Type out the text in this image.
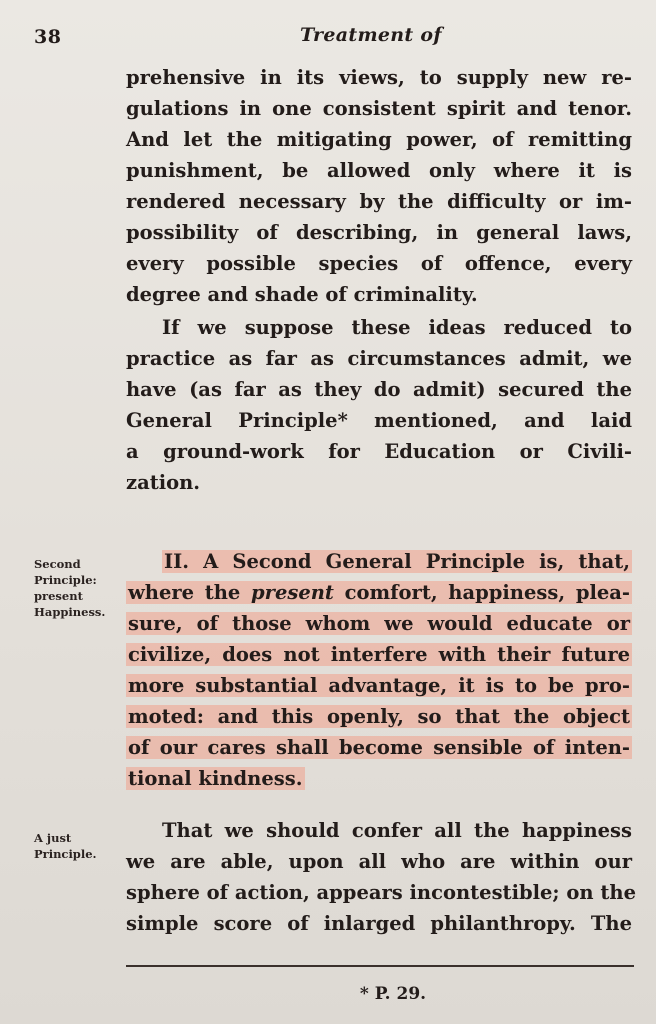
38	Treatment of
prehensive in its views, to supply new re-
gulations in one consistent spirit and tenor.
And let the mitigating power, of remitting
punishment, be allowed only where it is
rendered necessary by the difficulty or im-
possibility of describing, in general laws,
every possible species of offence, every
degree and shade of criminality.
If we suppose these ideas reduced to
practice as far as circumstances admit, we
have (as far as they do admit) secured the
General Principle* mentioned, and laid
a ground-work for Education or Civili-
zation.
Second
Principle:
present
Happiness.
II. A Second General Principle is, that,
where the present comfort, happiness, plea-
sure, of those whom we would educate or
civilize, does not interfere with their future
more substantial advantage, it is to be pro-
moted: and this openly, so that the object
of our cares shall become sensible of inten-
tional kindness.
A just
Principle.
That we should confer all the happiness
we are able, upon all who are within our
sphere of action, appears incontestible; on the
simple score of inlarged philanthropy. The
* P. 29.
